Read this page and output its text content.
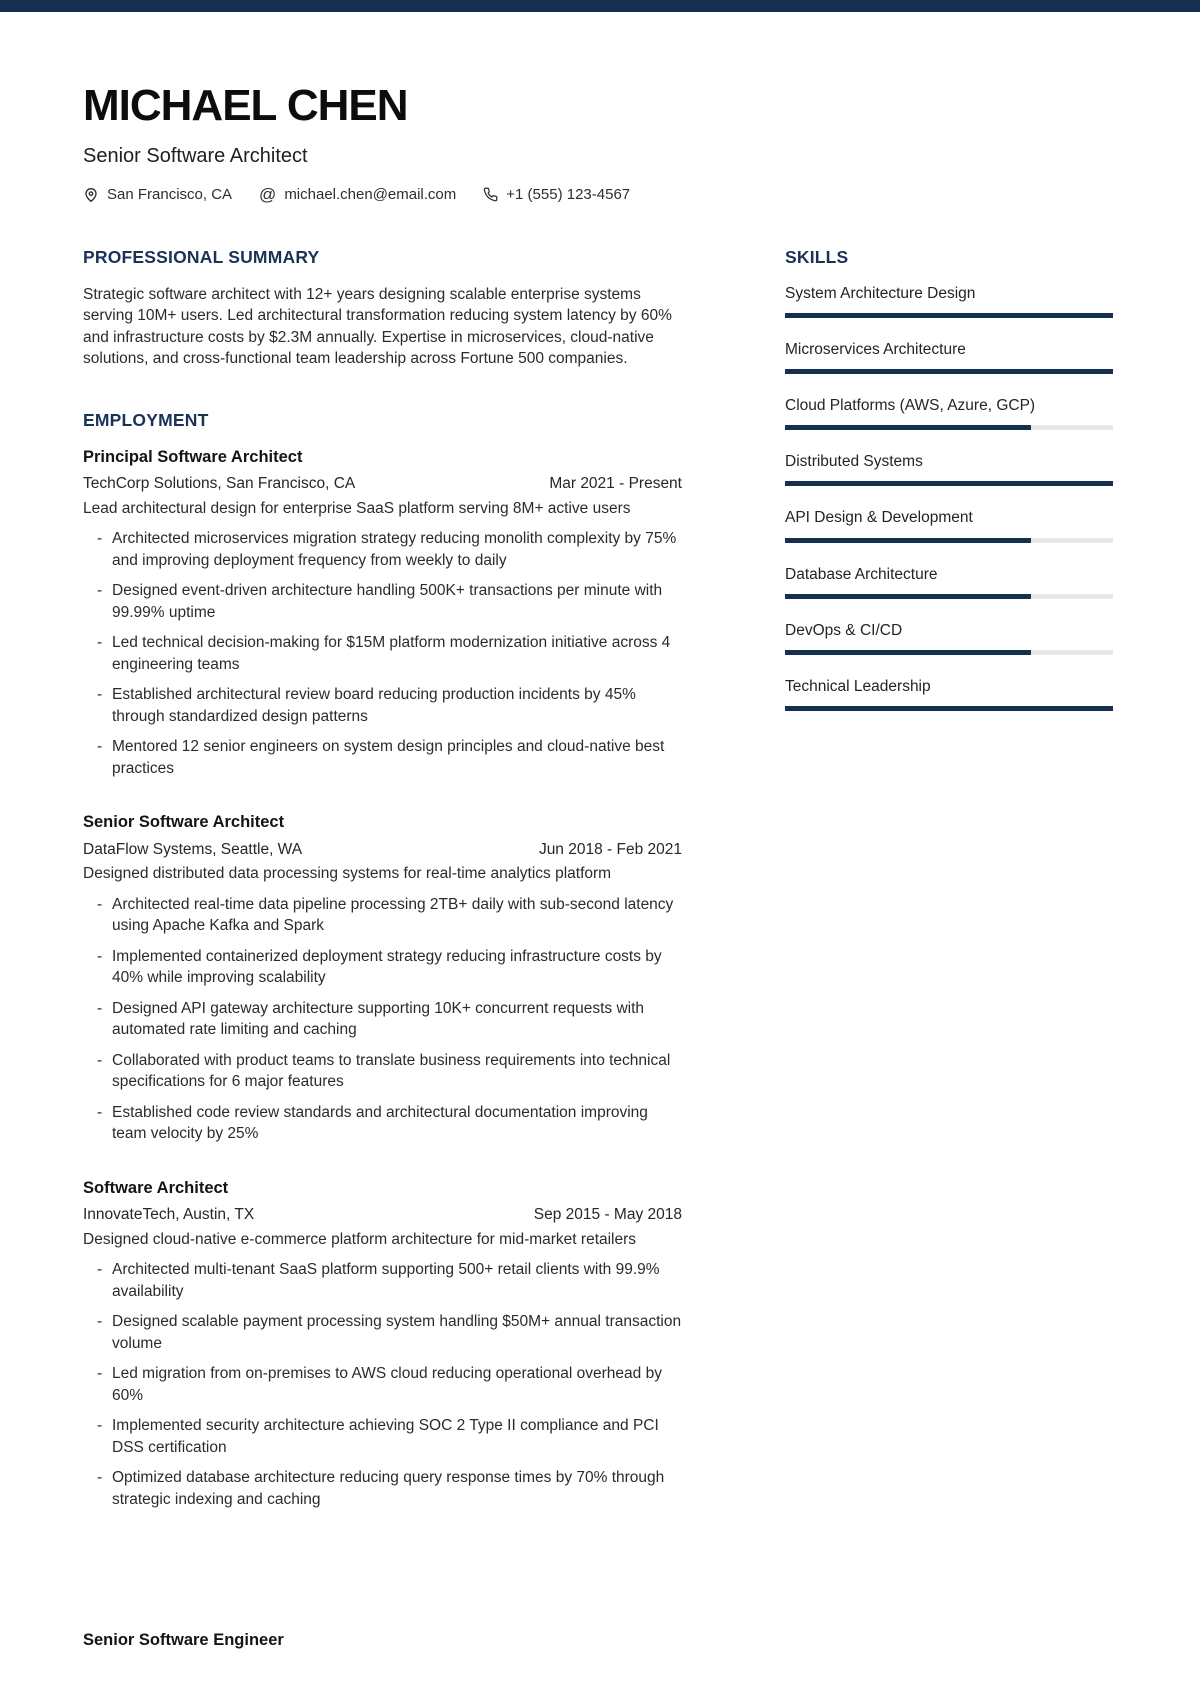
MICHAEL CHEN
Senior Software Architect
San Francisco, CA @ michael.chen@email.com	+1 (555) 123-4567
PROFESSIONAL SUMMARY

Strategic software architect with 12+ years designing scalable enterprise systems serving 10M+ users. Led architectural transformation reducing system latency by 60% and infrastructure costs by $2.3M annually. Expertise in microservices, cloud-native solutions, and cross-functional team leadership across Fortune 500 companies.

EMPLOYMENT
Principal Software Architect
TechCorp Solutions, San Francisco, CA	Mar 2021 - Present
Lead architectural design for enterprise SaaS platform serving 8M+ active users
- Architected microservices migration strategy reducing monolith complexity by 75% and improving deployment frequency from weekly to daily
- Designed event-driven architecture handling 500K+ transactions per minute with 99.99% uptime
- Led technical decision-making for $15M platform modernization initiative across 4 engineering teams
- Established architectural review board reducing production incidents by 45% through standardized design patterns
- Mentored 12 senior engineers on system design principles and cloud-native best practices
Senior Software Architect
DataFlow Systems, Seattle, WA	Jun 2018 - Feb 2021
Designed distributed data processing systems for real-time analytics platform
- Architected real-time data pipeline processing 2TB+ daily with sub-second latency using Apache Kafka and Spark
- Implemented containerized deployment strategy reducing infrastructure costs by 40% while improving scalability
- Designed API gateway architecture supporting 10K+ concurrent requests with automated rate limiting and caching
- Collaborated with product teams to translate business requirements into technical specifications for 6 major features
- Established code review standards and architectural documentation improving team velocity by 25%
Software Architect
InnovateTech, Austin, TX	Sep 2015 - May 2018
Designed cloud-native e-commerce platform architecture for mid-market retailers
- Architected multi-tenant SaaS platform supporting 500+ retail clients with 99.9% availability
- Designed scalable payment processing system handling $50M+ annual transaction volume
- Led migration from on-premises to AWS cloud reducing operational overhead by 60%
- Implemented security architecture achieving SOC 2 Type II compliance and PCI DSS certification
- Optimized database architecture reducing query response times by 70% through strategic indexing and caching
Senior Software Engineer
SKILLS
System Architecture Design
Microservices Architecture
Cloud Platforms (AWS, Azure, GCP)
Distributed Systems
API Design & Development
Database Architecture
DevOps & CI/CD
Technical Leadership
